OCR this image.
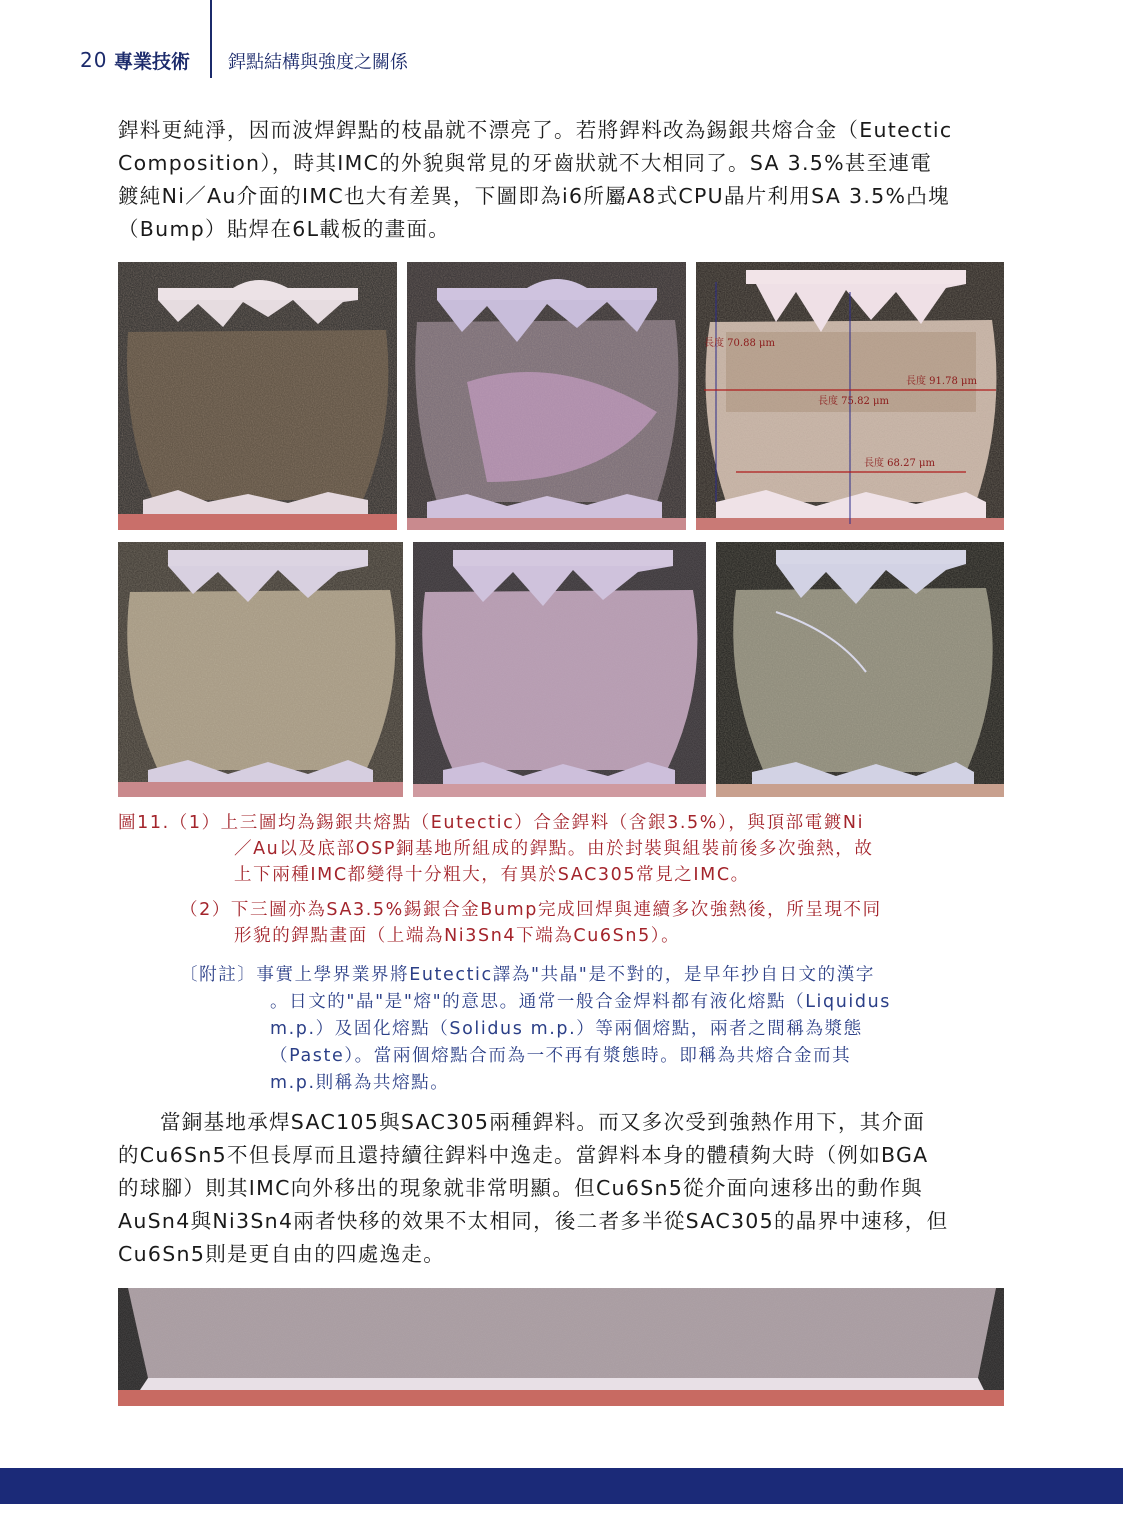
20 專業技術 銲點結構與強度之關係

銲料更純淨，因而波焊銲點的枝晶就不漂亮了。若將銲料改為錫銀共熔合金（Eutectic

Composition），時其IMC的外貌與常見的牙齒狀就不大相同了。SA 3.5%甚至連電

鍍純Ni／Au介面的IMC也大有差異，下圖即為i6所屬A8式CPU晶片利用SA 3.5%凸塊

（Bump）貼焊在6L載板的畫面。

長度 70.88 μm
長度 91.78 μm
長度 75.82 μm
長度 68.27 μm
圖11.（1）上三圖均為錫銀共熔點（Eutectic）合金銲料（含銀3.5%），與頂部電鍍Ni
／Au以及底部OSP銅基地所組成的銲點。由於封裝與組裝前後多次強熱，故
上下兩種IMC都變得十分粗大，有異於SAC305常見之IMC。
（2）下三圖亦為SA3.5%錫銀合金Bump完成回焊與連續多次強熱後，所呈現不同
形貌的銲點畫面（上端為Ni3Sn4下端為Cu6Sn5）。
〔附註〕事實上學界業界將Eutectic譯為"共晶"是不對的，是早年抄自日文的漢字
。日文的"晶"是"熔"的意思。通常一般合金焊料都有液化熔點（Liquidus
m.p.）及固化熔點（Solidus m.p.）等兩個熔點，兩者之間稱為漿態
（Paste）。當兩個熔點合而為一不再有漿態時。即稱為共熔合金而其
m.p.則稱為共熔點。

當銅基地承焊SAC105與SAC305兩種銲料。而又多次受到強熱作用下，其介面

的Cu6Sn5不但長厚而且還持續往銲料中逸走。當銲料本身的體積夠大時（例如BGA

的球腳）則其IMC向外移出的現象就非常明顯。但Cu6Sn5從介面向速移出的動作與

AuSn4與Ni3Sn4兩者快移的效果不太相同，後二者多半從SAC305的晶界中速移，但

Cu6Sn5則是更自由的四處逸走。
